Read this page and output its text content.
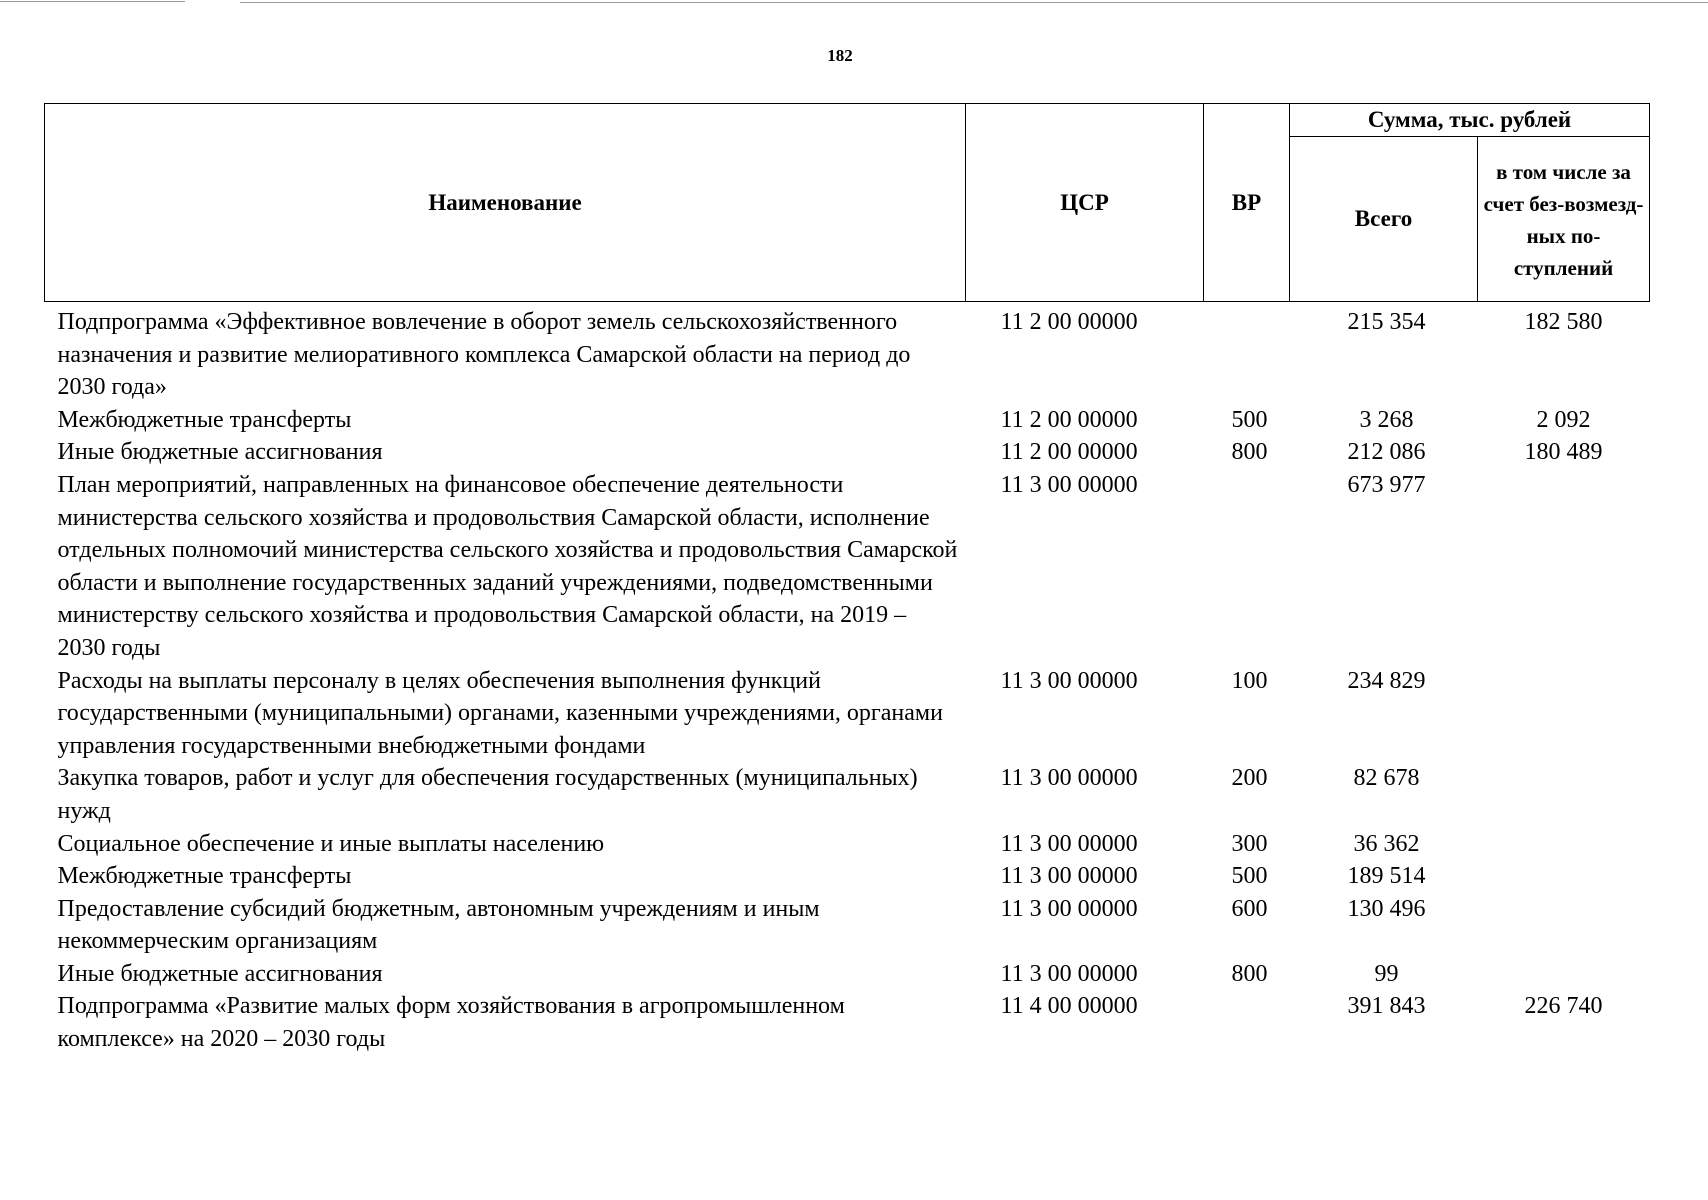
182
Наименование	ЦСР	ВР	Сумма, тыс. рублей	
			Всего	в том числе за счет без-возмезд-ных по-ступлений
Подпрограмма «Эффективное вовлечение в оборот земель сельскохозяйственного назначения и развитие мелиоративного комплекса Самарской области на период до 2030 года»	11 2 00 00000		215 354	182 580
Межбюджетные трансферты	11 2 00 00000	500	3 268	2 092
Иные бюджетные ассигнования	11 2 00 00000	800	212 086	180 489
План мероприятий, направленных на финансовое обеспечение деятельности министерства сельского хозяйства и продовольствия Самарской области, исполнение отдельных полномочий министерства сельского хозяйства и продовольствия Самарской области и выполнение государственных заданий учреждениями, подведомственными министерству сельского хозяйства и продовольствия Самарской области, на 2019 – 2030 годы	11 3 00 00000		673 977	
Расходы на выплаты персоналу в целях обеспечения выполнения функций государственными (муниципальными) органами, казенными учреждениями, органами управления государственными внебюджетными фондами	11 3 00 00000	100	234 829	
Закупка товаров, работ и услуг для обеспечения государственных (муниципальных) нужд	11 3 00 00000	200	82 678	
Социальное обеспечение и иные выплаты населению	11 3 00 00000	300	36 362	
Межбюджетные трансферты	11 3 00 00000	500	189 514	
Предоставление субсидий бюджетным, автономным учреждениям и иным некоммерческим организациям	11 3 00 00000	600	130 496	
Иные бюджетные ассигнования	11 3 00 00000	800	99	
Подпрограмма «Развитие малых форм хозяйствования в агропромышленном комплексе» на 2020 – 2030 годы	11 4 00 00000		391 843	226 740
